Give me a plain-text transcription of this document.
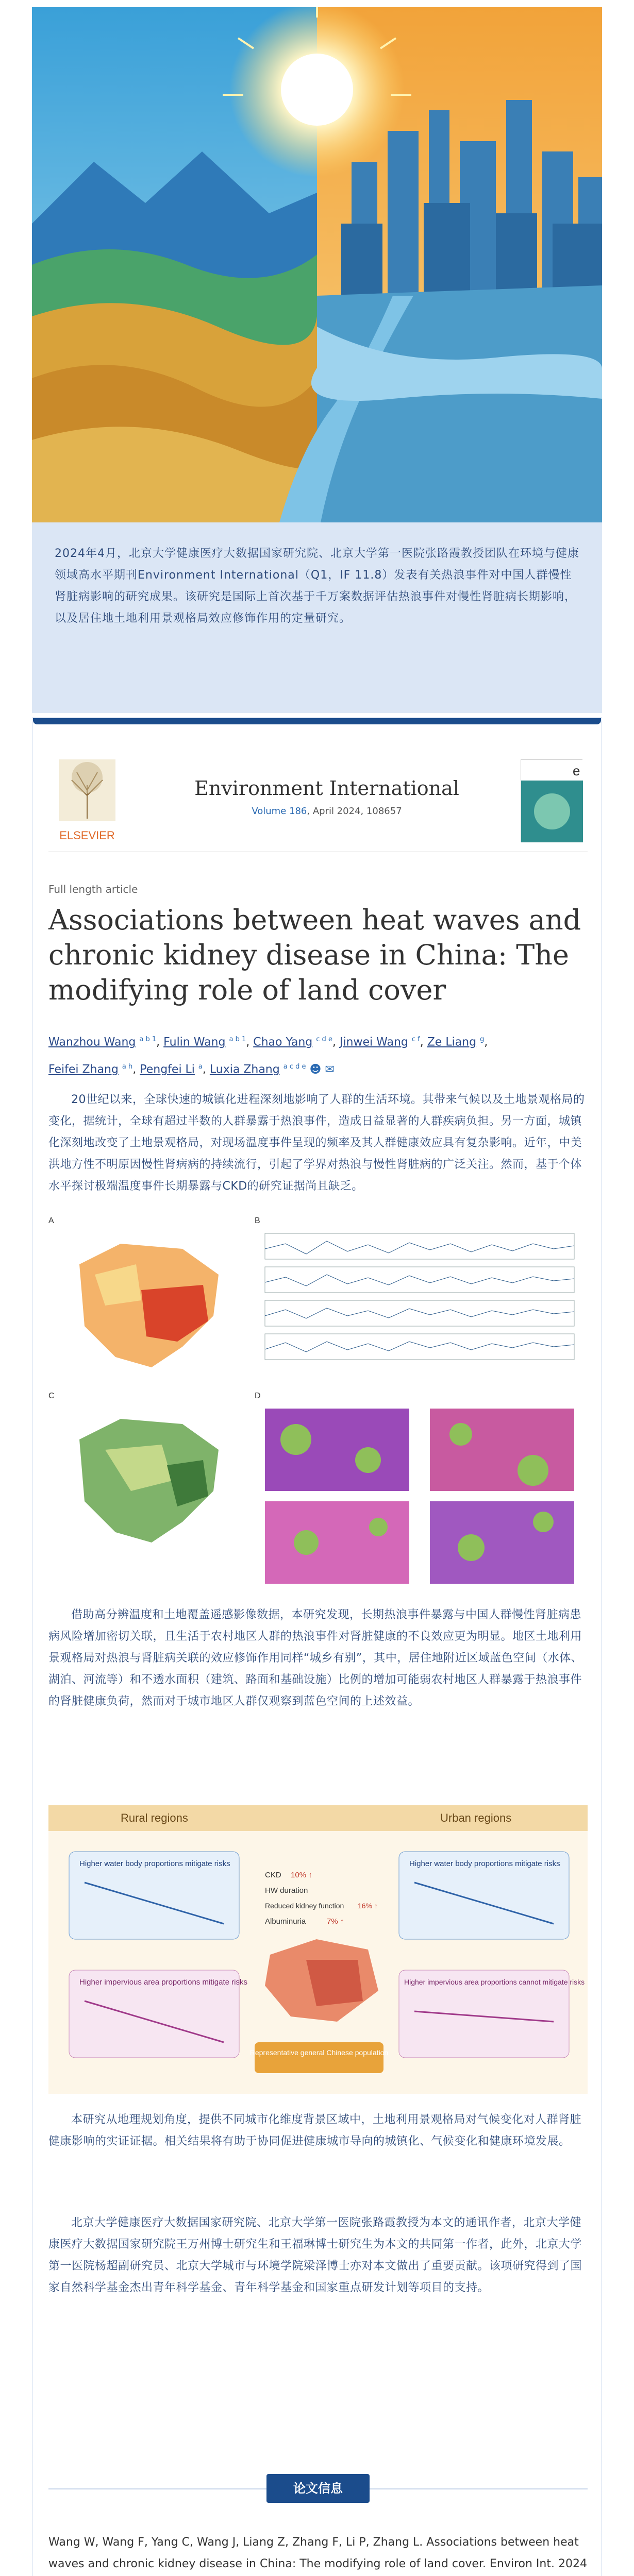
2024年4月，北京大学健康医疗大数据国家研究院、北京大学第一医院张路霞教授团队在环境与健康领域高水平期刊Environment International（Q1，IF 11.8）发表有关热浪事件对中国人群慢性肾脏病影响的研究成果。该研究是国际上首次基于千万案数据评估热浪事件对慢性肾脏病长期影响，以及居住地土地利用景观格局效应修饰作用的定量研究。

ELSEVIER
Environment International
Volume 186, April 2024, 108657
e
Full length article
Associations between heat waves and chronic kidney disease in China: The modifying role of land cover
Wanzhou Wang $^{a b 1}$, Fulin Wang $^{a b 1}$, Chao Yang $^{c d e}$, Jinwei Wang $^{c f}$, Ze Liang $^g$,
Feifei Zhang $^{a h}$, Pengfei Li $^a$, Luxia Zhang $^{a c d e}$ ☻ ✉

20世纪以来，全球快速的城镇化进程深刻地影响了人群的生活环境。其带来气候以及土地景观格局的变化，据统计，全球有超过半数的人群暴露于热浪事件，造成日益显著的人群疾病负担。另一方面，城镇化深刻地改变了土地景观格局，对现场温度事件呈现的频率及其人群健康效应具有复杂影响。近年，中美洪地方性不明原因慢性肾病病的持续流行，引起了学界对热浪与慢性肾脏病的广泛关注。然而，基于个体水平探讨极端温度事件长期暴露与CKD的研究证据尚且缺乏。

A	B
C	D

借助高分辨温度和土地覆盖遥感影像数据，本研究发现，长期热浪事件暴露与中国人群慢性肾脏病患病风险增加密切关联，且生活于农村地区人群的热浪事件对肾脏健康的不良效应更为明显。地区土地利用景观格局对热浪与肾脏病关联的效应修饰作用同样“城乡有别”，其中，居住地附近区域蓝色空间（水体、湖泊、河流等）和不透水面积（建筑、路面和基础设施）比例的增加可能弱农村地区人群暴露于热浪事件的肾脏健康负荷，然而对于城市地区人群仅观察到蓝色空间的上述效益。

Rural regions	Urban regions
Higher water body proportions mitigate risks	Higher water body proportions mitigate risks
Higher impervious area proportions mitigate risks	Higher impervious area proportions cannot mitigate risks
CKD 10% ↑
HW duration
Reduced kidney function 16% ↑
Albuminuria	7% ↑
Representative general Chinese population

本研究从地理规划角度，提供不同城市化维度背景区域中，土地利用景观格局对气候变化对人群肾脏健康影响的实证证据。相关结果将有助于协同促进健康城市导向的城镇化、气候变化和健康环境发展。

北京大学健康医疗大数据国家研究院、北京大学第一医院张路霞教授为本文的通讯作者，北京大学健康医疗大数据国家研究院王万州博士研究生和王福琳博士研究生为本文的共同第一作者，此外，北京大学第一医院杨超副研究员、北京大学城市与环境学院梁泽博士亦对本文做出了重要贡献。该项研究得到了国家自然科学基金杰出青年科学基金、青年科学基金和国家重点研发计划等项目的支持。

论文信息

Wang W, Wang F, Yang C, Wang J, Liang Z, Zhang F, Li P, Zhang L. Associations between heat waves and chronic kidney disease in China: The modifying role of land cover. Environ Int. 2024
